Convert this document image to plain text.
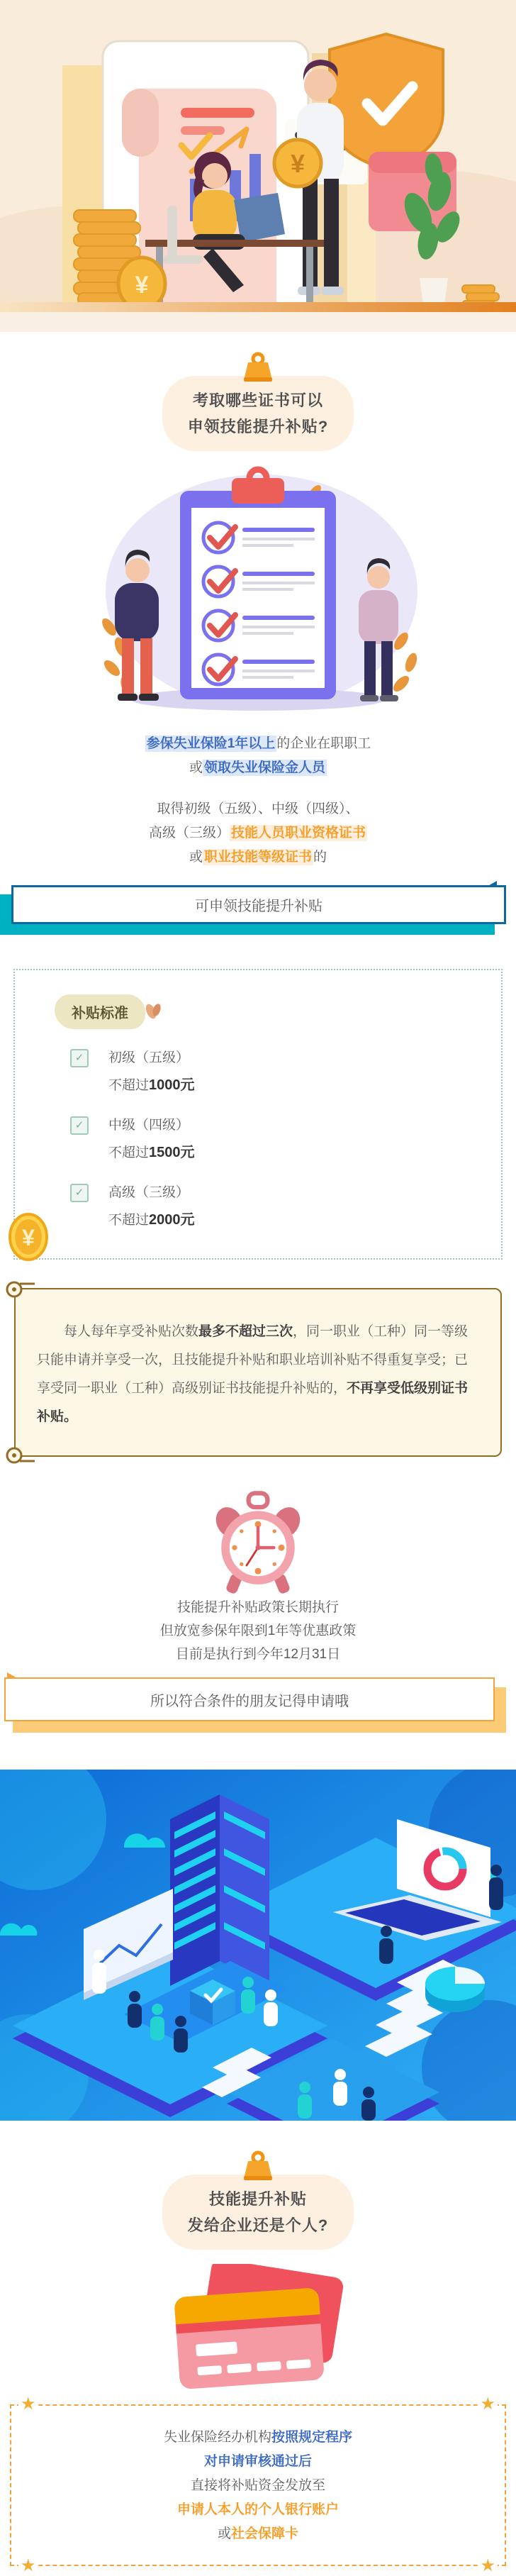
¥
¥
考取哪些证书可以
申领技能提升补贴?
参保失业保险1年以上 的企业在职职工
或 领取失业保险金人员
取得初级（五级）、中级（四级）、
高级（三级） 技能人员职业资格证书
或 职业技能等级证书 的
可申领技能提升补贴
补贴标准
✓	初级（五级）
不超过1000元
✓	中级（四级）
不超过1500元
✓	高级（三级）
不超过2000元
¥

每人每年享受补贴次数最多不超过三次，同一职业（工种）同一等级只能申请并享受一次，且技能提升补贴和职业培训补贴不得重复享受；已享受同一职业（工种）高级别证书技能提升补贴的，不再享受低级别证书补贴。

技能提升补贴政策长期执行
但放宽参保年限到1年等优惠政策
目前是执行到今年12月31日
所以符合条件的朋友记得申请哦
技能提升补贴
发给企业还是个人?
★	★
★	★
失业保险经办机构按照规定程序
对申请审核通过后
直接将补贴资金发放至
申请人本人的个人银行账户
或社会保障卡
